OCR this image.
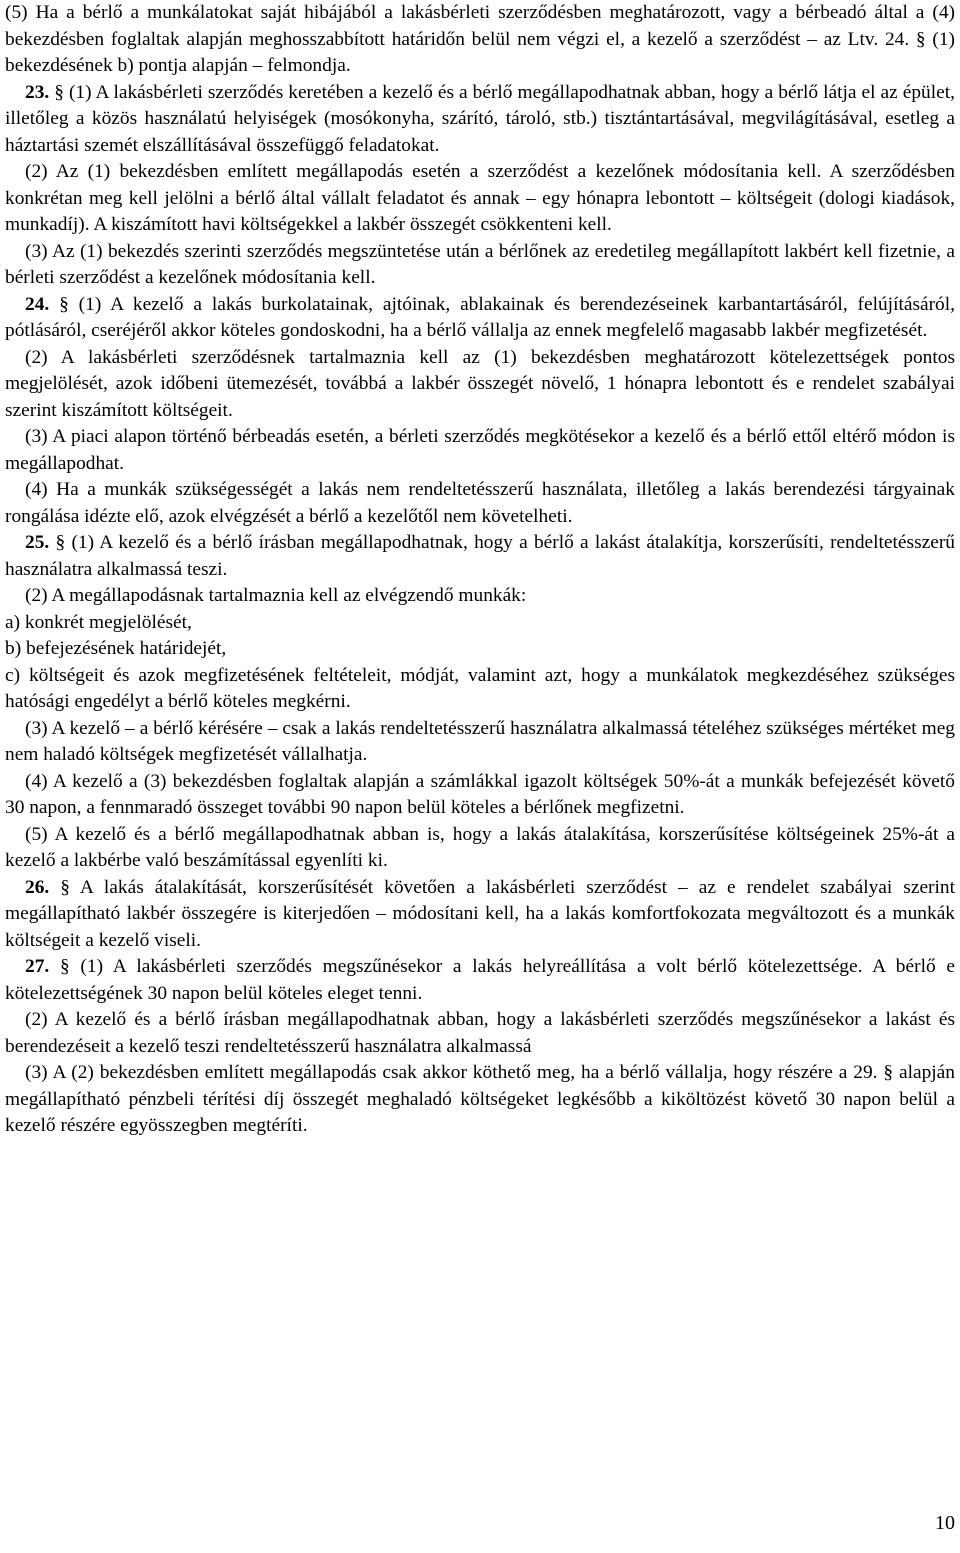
(5) Ha a bérlő a munkálatokat saját hibájából a lakásbérleti szerződésben meghatározott, vagy a bérbeadó által a (4) bekezdésben foglaltak alapján meghosszabbított határidőn belül nem végzi el, a kezelő a szerződést ‒ az Ltv. 24. § (1) bekezdésének b) pontja alapján ‒ felmondja.

23. § (1) A lakásbérleti szerződés keretében a kezelő és a bérlő megállapodhatnak abban, hogy a bérlő látja el az épület, illetőleg a közös használatú helyiségek (mosókonyha, szárító, tároló, stb.) tisztántartásával, megvilágításával, esetleg a háztartási szemét elszállításával összefüggő feladatokat.

(2) Az (1) bekezdésben említett megállapodás esetén a szerződést a kezelőnek módosítania kell. A szerződésben konkrétan meg kell jelölni a bérlő által vállalt feladatot és annak ‒ egy hónapra lebontott ‒ költségeit (dologi kiadások, munkadíj). A kiszámított havi költségekkel a lakbér összegét csökkenteni kell.

(3) Az (1) bekezdés szerinti szerződés megszüntetése után a bérlőnek az eredetileg megállapított lakbért kell fizetnie, a bérleti szerződést a kezelőnek módosítania kell.

24. § (1) A kezelő a lakás burkolatainak, ajtóinak, ablakainak és berendezéseinek karbantartásáról, felújításáról, pótlásáról, cseréjéről akkor köteles gondoskodni, ha a bérlő vállalja az ennek megfelelő magasabb lakbér megfizetését.

(2) A lakásbérleti szerződésnek tartalmaznia kell az (1) bekezdésben meghatározott kötelezettségek pontos megjelölését, azok időbeni ütemezését, továbbá a lakbér összegét növelő, 1 hónapra lebontott és e rendelet szabályai szerint kiszámított költségeit.

(3) A piaci alapon történő bérbeadás esetén, a bérleti szerződés megkötésekor a kezelő és a bérlő ettől eltérő módon is megállapodhat.

(4) Ha a munkák szükségességét a lakás nem rendeltetésszerű használata, illetőleg a lakás berendezési tárgyainak rongálása idézte elő, azok elvégzését a bérlő a kezelőtől nem követelheti.

25. § (1) A kezelő és a bérlő írásban megállapodhatnak, hogy a bérlő a lakást átalakítja, korszerűsíti, rendeltetésszerű használatra alkalmassá teszi.

(2) A megállapodásnak tartalmaznia kell az elvégzendő munkák:

a) konkrét megjelölését,

b) befejezésének határidejét,

c) költségeit és azok megfizetésének feltételeit, módját, valamint azt, hogy a munkálatok megkezdéséhez szükséges hatósági engedélyt a bérlő köteles megkérni.

(3) A kezelő ‒ a bérlő kérésére ‒ csak a lakás rendeltetésszerű használatra alkalmassá tételéhez szükséges mértéket meg nem haladó költségek megfizetését vállalhatja.

(4) A kezelő a (3) bekezdésben foglaltak alapján a számlákkal igazolt költségek 50%-át a munkák befejezését követő 30 napon, a fennmaradó összeget további 90 napon belül köteles a bérlőnek megfizetni.

(5) A kezelő és a bérlő megállapodhatnak abban is, hogy a lakás átalakítása, korszerűsítése költségeinek 25%-át a kezelő a lakbérbe való beszámítással egyenlíti ki.

26. § A lakás átalakítását, korszerűsítését követően a lakásbérleti szerződést ‒ az e rendelet szabályai szerint megállapítható lakbér összegére is kiterjedően ‒ módosítani kell, ha a lakás komfortfokozata megváltozott és a munkák költségeit a kezelő viseli.

27. § (1) A lakásbérleti szerződés megszűnésekor a lakás helyreállítása a volt bérlő kötelezettsége. A bérlő e kötelezettségének 30 napon belül köteles eleget tenni.

(2) A kezelő és a bérlő írásban megállapodhatnak abban, hogy a lakásbérleti szerződés megszűnésekor a lakást és berendezéseit a kezelő teszi rendeltetésszerű használatra alkalmassá

(3) A (2) bekezdésben említett megállapodás csak akkor köthető meg, ha a bérlő vállalja, hogy részére a 29. § alapján megállapítható pénzbeli térítési díj összegét meghaladó költségeket legkésőbb a kiköltözést követő 30 napon belül a kezelő részére egyösszegben megtéríti.

10
